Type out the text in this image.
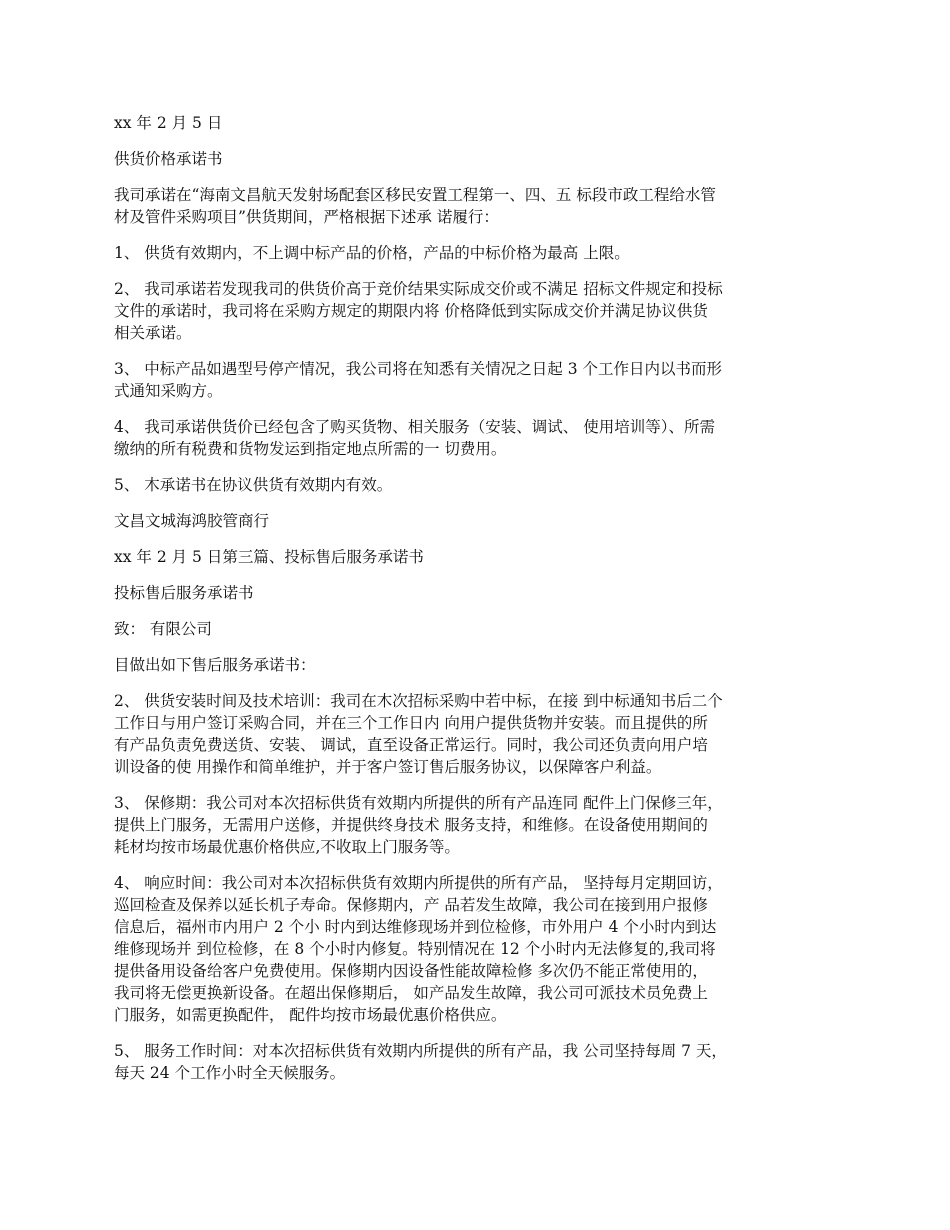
xx 年 2 月 5 日

供货价格承诺书

我司承诺在“海南文昌航天发射场配套区移民安置工程第一、四、五 标段市政工程给水管
材及管件采购项目”供货期间，严格根据下述承 诺履行：

1、 供货有效期内，不上调中标产品的价格，产品的中标价格为最高 上限。

2、 我司承诺若发现我司的供货价高于竞价结果实际成交价或不满足 招标文件规定和投标
文件的承诺时，我司将在采购方规定的期限内将 价格降低到实际成交价并满足协议供货
相关承诺。

3、 中标产品如遇型号停产情况，我公司将在知悉有关情况之日起 3 个工作日内以书而形
式通知采购方。

4、 我司承诺供货价已经包含了购买货物、相关服务（安装、调试、 使用培训等）、所需
缴纳的所有税费和货物发运到指定地点所需的一 切费用。

5、 木承诺书在协议供货有效期内有效。

文昌文城海鸿胶管商行

xx 年 2 月 5 日第三篇、投标售后服务承诺书

投标售后服务承诺书

致： 有限公司

目做出如下售后服务承诺书：

2、 供货安装时间及技术培训：我司在木次招标采购中若中标，在接 到中标通知书后二个
工作日与用户签订采购合同，并在三个工作日内 向用户提供货物并安装。而且提供的所
有产品负责免费送货、安装、 调试，直至设备正常运行。同时，我公司还负责向用户培
训设备的使 用操作和简单维护，并于客户签订售后服务协议，以保障客户利益。

3、 保修期：我公司对本次招标供货有效期内所提供的所有产品连同 配件上门保修三年，
提供上门服务，无需用户送修，并提供终身技术 服务支持，和维修。在设备使用期间的
耗材均按市场最优惠价格供应,不收取上门服务等。

4、 响应时间：我公司对本次招标供货有效期内所提供的所有产品， 坚持每月定期回访，
巡回检查及保养以延长机子寿命。保修期内，产 品若发生故障，我公司在接到用户报修
信息后，福州市内用户 2 个小 时内到达维修现场并到位检修，市外用户 4 个小时内到达
维修现场并 到位检修，在 8 个小时内修复。特别情况在 12 个小时内无法修复的,我司将
提供备用设备给客户免费使用。保修期内因设备性能故障检修 多次仍不能正常使用的，
我司将无偿更换新设备。在超出保修期后， 如产品发生故障，我公司可派技术员免费上
门服务，如需更换配件， 配件均按市场最优惠价格供应。

5、 服务工作时间：对本次招标供货有效期内所提供的所有产品，我 公司坚持每周 7 天，
每天 24 个工作小时全天候服务。
